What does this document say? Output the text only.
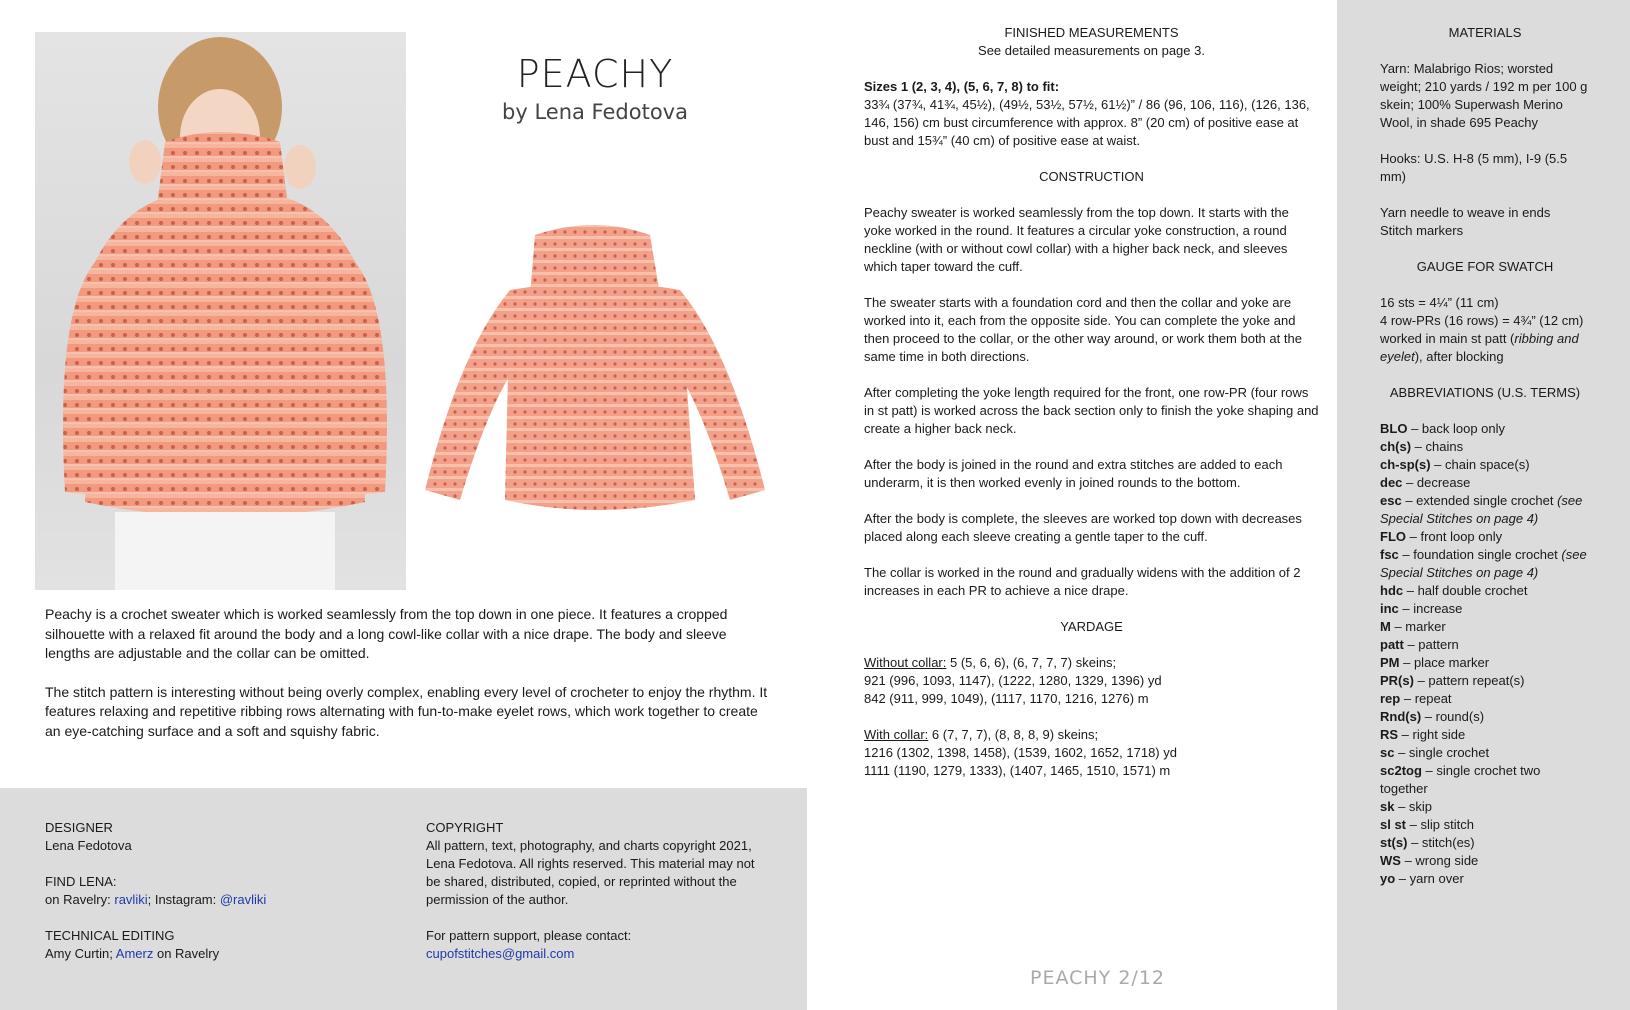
PEACHY
by Lena Fedotova

Peachy is a crochet sweater which is worked seamlessly from the top down in one piece. It features a cropped silhouette with a relaxed fit around the body and a long cowl-like collar with a nice drape. The body and sleeve lengths are adjustable and the collar can be omitted.

The stitch pattern is interesting without being overly complex, enabling every level of crocheter to enjoy the rhythm. It features relaxing and repetitive ribbing rows alternating with fun-to-make eyelet rows, which work together to create an eye-catching surface and a soft and squishy fabric.

DESIGNER
Lena Fedotova
FIND LENA:
on Ravelry: ravliki; Instagram: @ravliki
TECHNICAL EDITING
Amy Curtin; Amerz on Ravelry
COPYRIGHT
All pattern, text, photography, and charts copyright 2021, Lena Fedotova. All rights reserved. This material may not be shared, distributed, copied, or reprinted without the permission of the author.
For pattern support, please contact:
cupofstitches@gmail.com
FINISHED MEASUREMENTS
See detailed measurements on page 3.
Sizes 1 (2, 3, 4), (5, 6, 7, 8) to fit:

33¾ (37¾, 41¾, 45½), (49½, 53½, 57½, 61½)” / 86 (96, 106, 116), (126, 136, 146, 156) cm bust circumference with approx. 8” (20 cm) of positive ease at bust and 15¾” (40 cm) of positive ease at waist.

CONSTRUCTION

Peachy sweater is worked seamlessly from the top down. It starts with the yoke worked in the round. It features a circular yoke construction, a round neckline (with or without cowl collar) with a higher back neck, and sleeves which taper toward the cuff.

The sweater starts with a foundation cord and then the collar and yoke are worked into it, each from the opposite side. You can complete the yoke and then proceed to the collar, or the other way around, or work them both at the same time in both directions.

After completing the yoke length required for the front, one row-PR (four rows in st patt) is worked across the back section only to finish the yoke shaping and create a higher back neck.

After the body is joined in the round and extra stitches are added to each underarm, it is then worked evenly in joined rounds to the bottom.

After the body is complete, the sleeves are worked top down with decreases placed along each sleeve creating a gentle taper to the cuff.

The collar is worked in the round and gradually widens with the addition of 2 increases in each PR to achieve a nice drape.

YARDAGE
Without collar: 5 (5, 6, 6), (6, 7, 7, 7) skeins;
921 (996, 1093, 1147), (1222, 1280, 1329, 1396) yd
842 (911, 999, 1049), (1117, 1170, 1216, 1276) m
With collar: 6 (7, 7, 7), (8, 8, 8, 9) skeins;
1216 (1302, 1398, 1458), (1539, 1602, 1652, 1718) yd
1111 (1190, 1279, 1333), (1407, 1465, 1510, 1571) m
PEACHY 2/12
MATERIALS

Yarn: Malabrigo Rios; worsted weight; 210 yards / 192 m per 100 g skein; 100% Superwash Merino Wool, in shade 695 Peachy

Hooks: U.S. H-8 (5 mm), I-9 (5.5 mm)

Yarn needle to weave in ends

Stitch markers

GAUGE FOR SWATCH

16 sts = 4¼” (11 cm)

4 row-PRs (16 rows) = 4¾” (12 cm)

worked in main st patt (ribbing and eyelet), after blocking

ABBREVIATIONS (U.S. TERMS)
BLO – back loop only
ch(s) – chains
ch-sp(s) – chain space(s)
dec – decrease
esc – extended single crochet (see Special Stitches on page 4)
FLO – front loop only
fsc – foundation single crochet (see Special Stitches on page 4)
hdc – half double crochet
inc – increase
M – marker
patt – pattern
PM – place marker
PR(s) – pattern repeat(s)
rep – repeat
Rnd(s) – round(s)
RS – right side
sc – single crochet
sc2tog – single crochet two together
sk – skip
sl st – slip stitch
st(s) – stitch(es)
WS – wrong side
yo – yarn over
